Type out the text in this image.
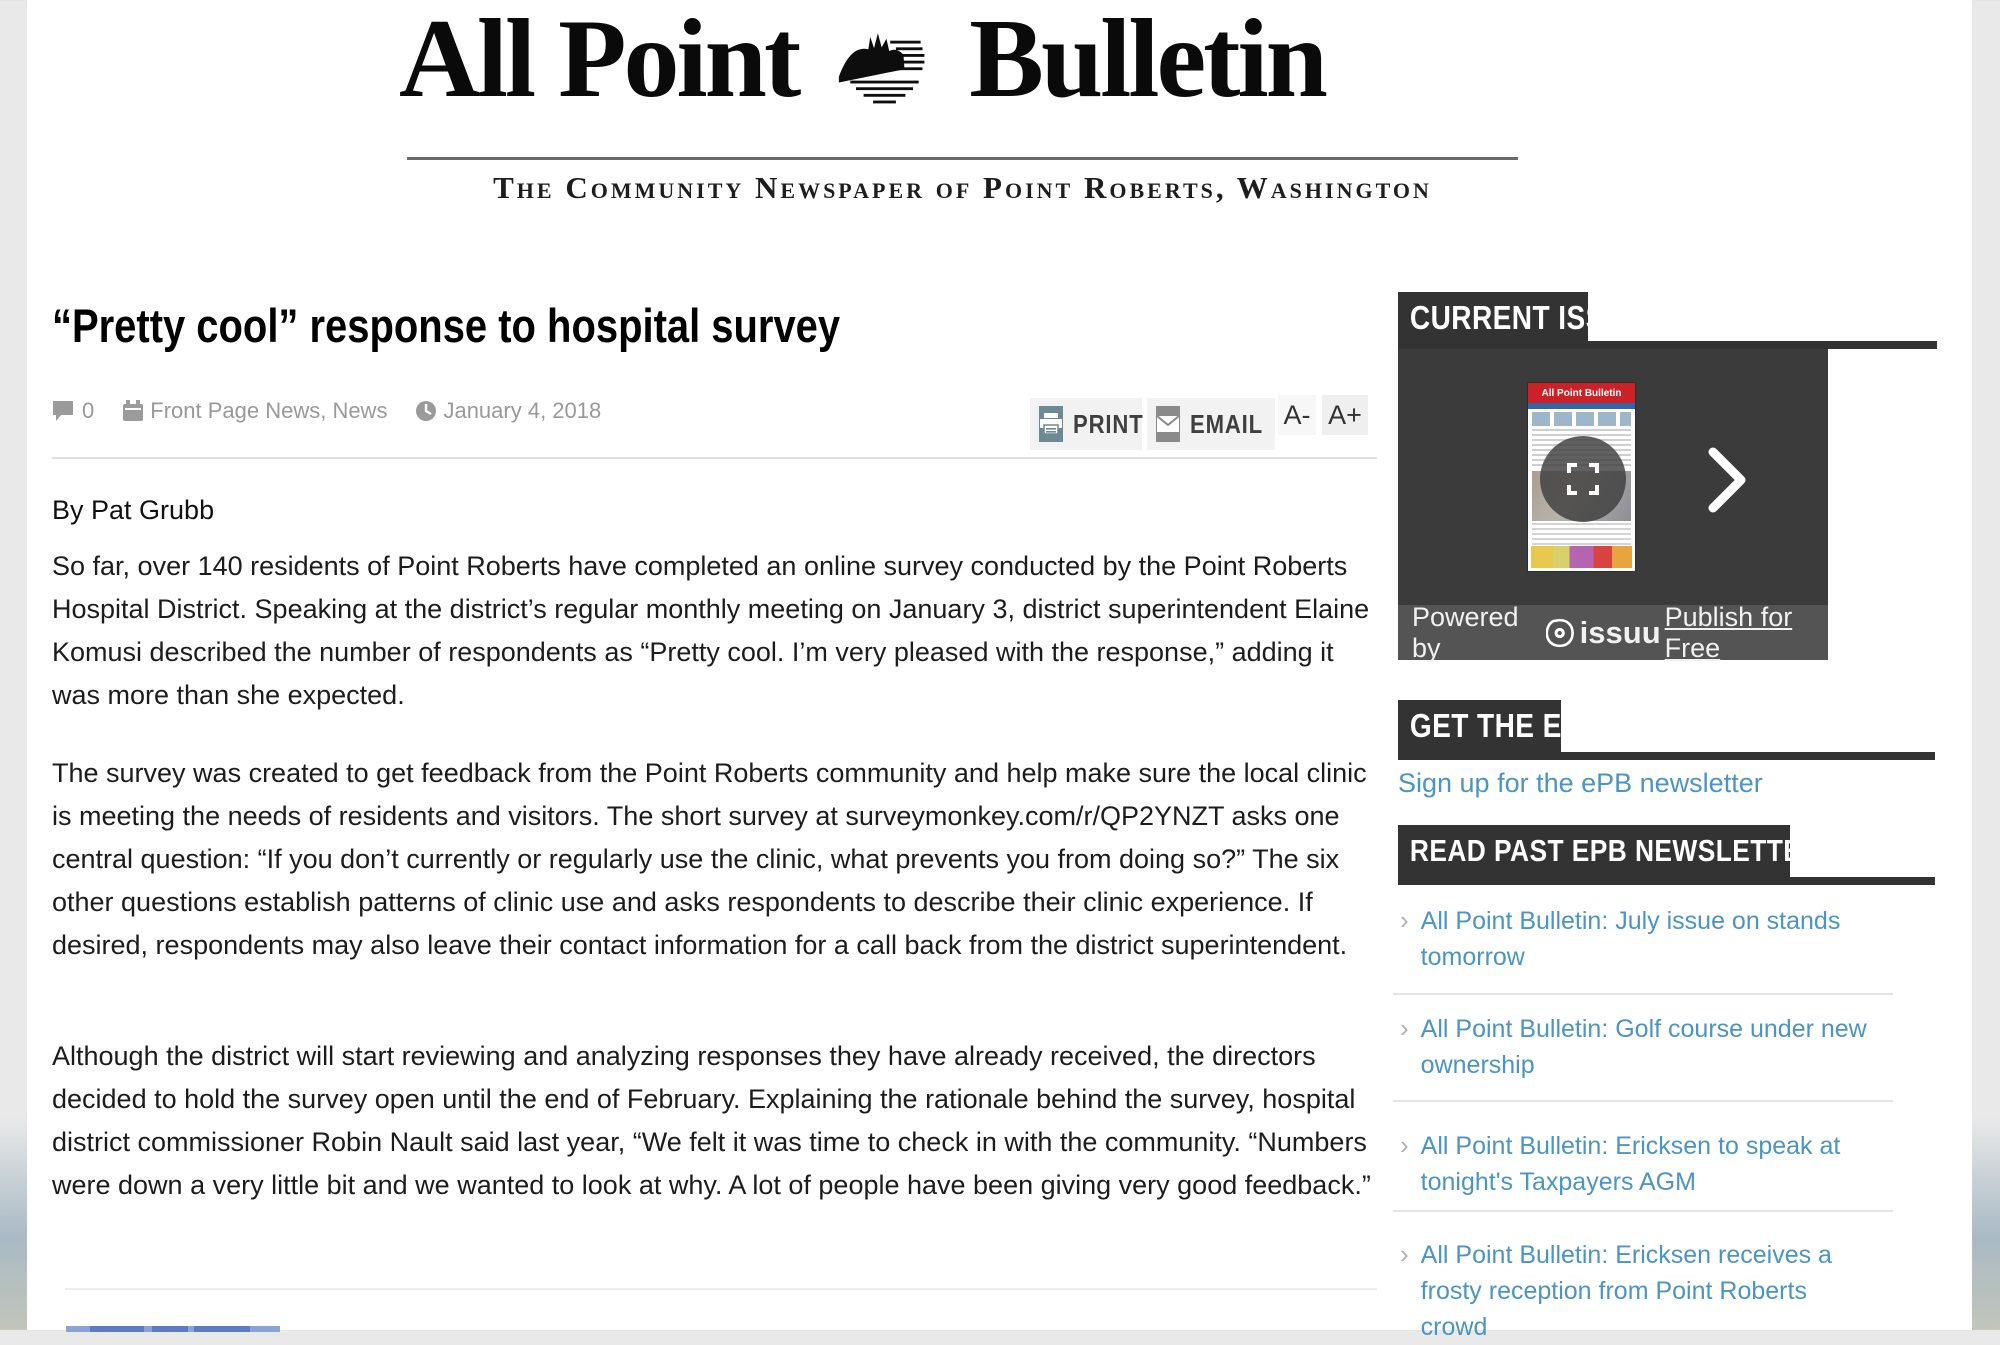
All Point Bulletin
The Community Newspaper of Point Roberts, Washington
“Pretty cool” response to hospital survey
0	Front Page News, News	January 4, 2018	PRINT EMAIL A- A+
By Pat Grubb

So far, over 140 residents of Point Roberts have completed an online survey conducted by the Point Roberts Hospital District. Speaking at the district’s regular monthly meeting on January 3, district superintendent Elaine Komusi described the number of respondents as “Pretty cool. I’m very pleased with the response,” adding it was more than she expected.

The survey was created to get feedback from the Point Roberts community and help make sure the local clinic is meeting the needs of residents and visitors. The short survey at surveymonkey.com/r/QP2YNZT asks one central question: “If you don’t currently or regularly use the clinic, what prevents you from doing so?” The six other questions establish patterns of clinic use and asks respondents to describe their clinic experience. If desired, respondents may also leave their contact information for a call back from the district superintendent.

Although the district will start reviewing and analyzing responses they have already received, the directors decided to hold the survey open until the end of February. Explaining the rationale behind the survey, hospital district commissioner Robin Nault said last year, “We felt it was time to check in with the community. “Numbers were down a very little bit and we wanted to look at why. A lot of people have been giving very good feedback.”

CURRENT ISSUE
All Point Bulletin
Powered by	issuu Publish for Free
GET THE EPB:
Sign up for the ePB newsletter
READ PAST EPB NEWSLETTERS
› All Point Bulletin: July issue on stands tomorrow
› All Point Bulletin: Golf course under new ownership
› All Point Bulletin: Ericksen to speak at tonight's Taxpayers AGM
› All Point Bulletin: Ericksen receives a frosty reception from Point Roberts crowd
